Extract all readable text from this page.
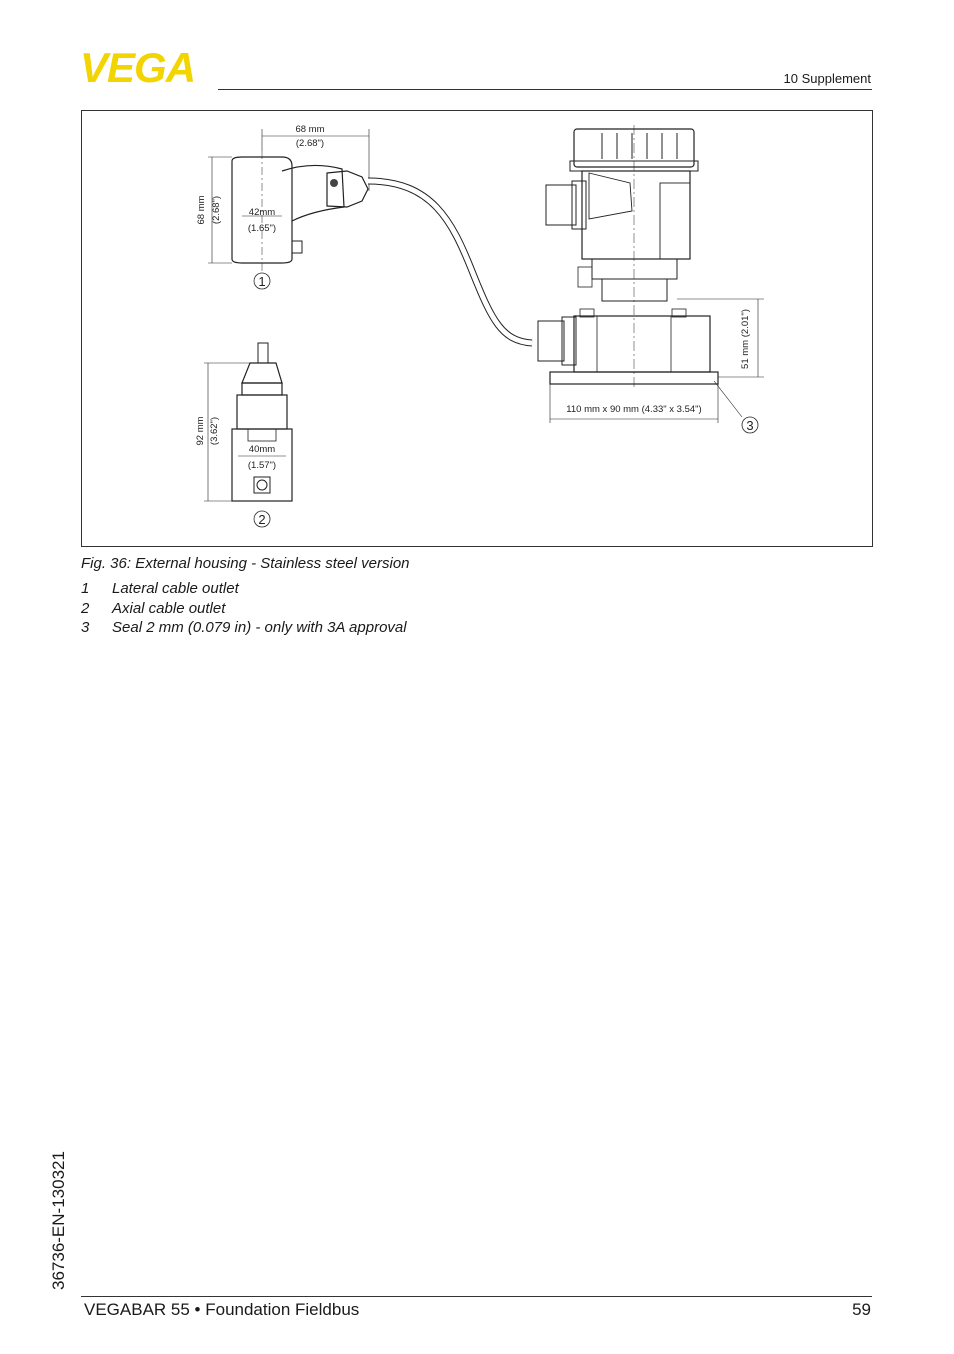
VEGA	10 Supplement
68 mm
(2.68")
42mm
(1.65")
68 mm (2.68")
1
40mm
(1.57")
92 mm (3.62")
2
51 mm (2.01")
110 mm x 90 mm (4.33" x 3.54")
3
Fig. 36: External housing - Stainless steel version
1	Lateral cable outlet
2	Axial cable outlet
3	Seal 2 mm (0.079 in) - only with 3A approval
36736-EN-130321
VEGABAR 55 • Foundation Fieldbus	59
